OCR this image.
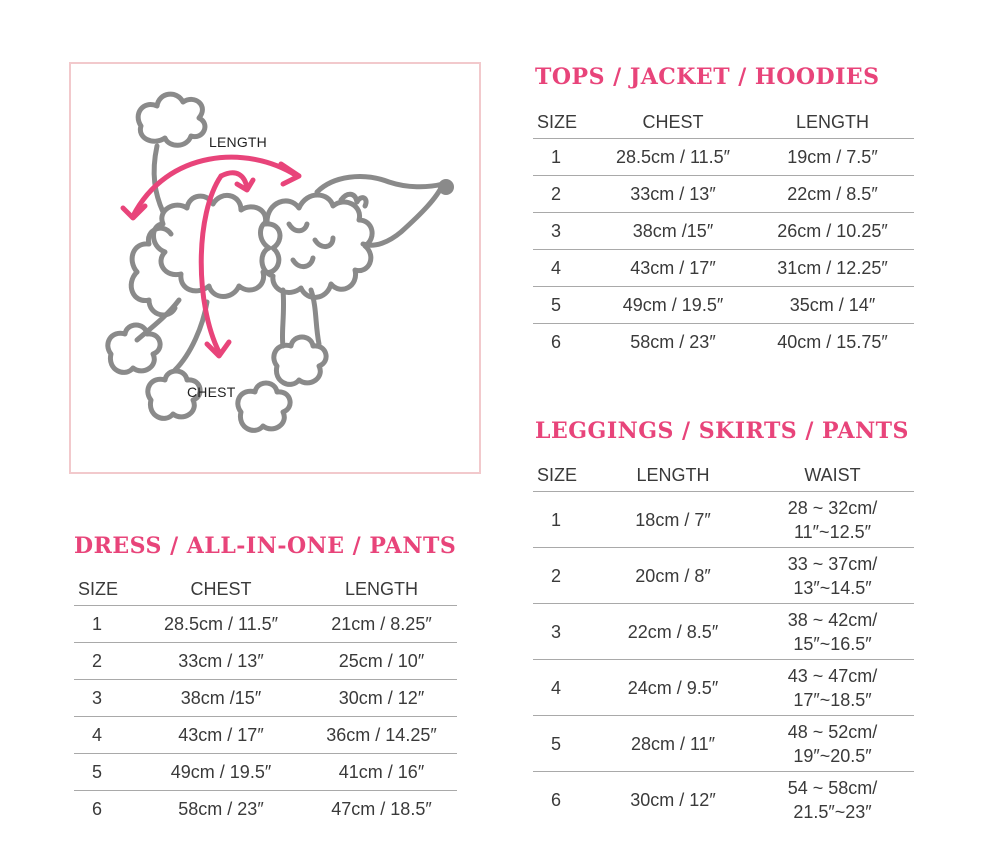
LENGTH
CHEST
TOPS / JACKET / HOODIES
SIZE	CHEST	LENGTH
1	28.5cm / 11.5″	19cm / 7.5″
2	33cm / 13″	22cm / 8.5″
3	38cm /15″	26cm / 10.25″
4	43cm / 17″	31cm / 12.25″
5	49cm / 19.5″	35cm / 14″
6	58cm / 23″	40cm / 15.75″
LEGGINGS / SKIRTS / PANTS
SIZE	LENGTH	WAIST
1	18cm / 7″	28 ~ 32cm/
11″~12.5″
2	20cm / 8″	33 ~ 37cm/
13″~14.5″
3	22cm / 8.5″	38 ~ 42cm/
15″~16.5″
4	24cm / 9.5″	43 ~ 47cm/
17″~18.5″
5	28cm / 11″	48 ~ 52cm/
19″~20.5″
6	30cm / 12″	54 ~ 58cm/
21.5″~23″
DRESS / ALL-IN-ONE / PANTS
SIZE	CHEST	LENGTH
1	28.5cm / 11.5″	21cm / 8.25″
2	33cm / 13″	25cm / 10″
3	38cm /15″	30cm / 12″
4	43cm / 17″	36cm / 14.25″
5	49cm / 19.5″	41cm / 16″
6	58cm / 23″	47cm / 18.5″
